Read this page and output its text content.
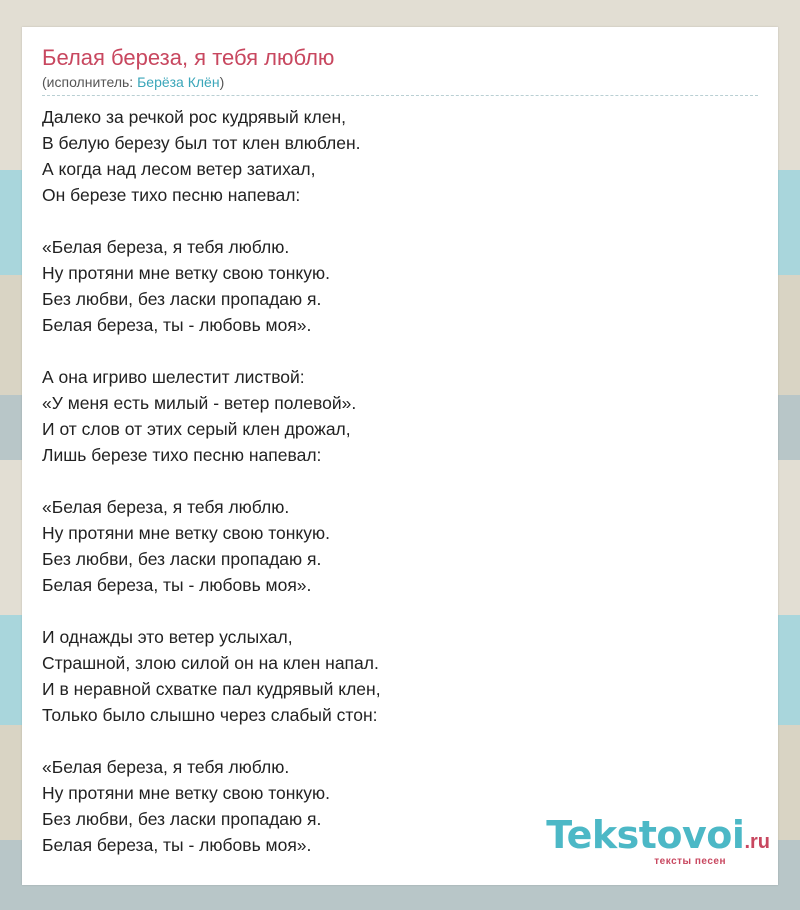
Белая береза, я тебя люблю
(исполнитель: Берёза Клён)
Далеко за речкой рос кудрявый клен,
В белую березу был тот клен влюблен.
А когда над лесом ветер затихал,
Он березе тихо песню напевал:
«Белая береза, я тебя люблю.
Ну протяни мне ветку свою тонкую.
Без любви, без ласки пропадаю я.
Белая береза, ты - любовь моя».
А она игриво шелестит листвой:
«У меня есть милый - ветер полевой».
И от слов от этих серый клен дрожал,
Лишь березе тихо песню напевал:
«Белая береза, я тебя люблю.
Ну протяни мне ветку свою тонкую.
Без любви, без ласки пропадаю я.
Белая береза, ты - любовь моя».
И однажды это ветер услыхал,
Страшной, злою силой он на клен напал.
И в неравной схватке пал кудрявый клен,
Только было слышно через слабый стон:
«Белая береза, я тебя люблю.
Ну протяни мне ветку свою тонкую.
Без любви, без ласки пропадаю я.
Белая береза, ты - любовь моя».	Tekstovoi.ru
тексты песен
